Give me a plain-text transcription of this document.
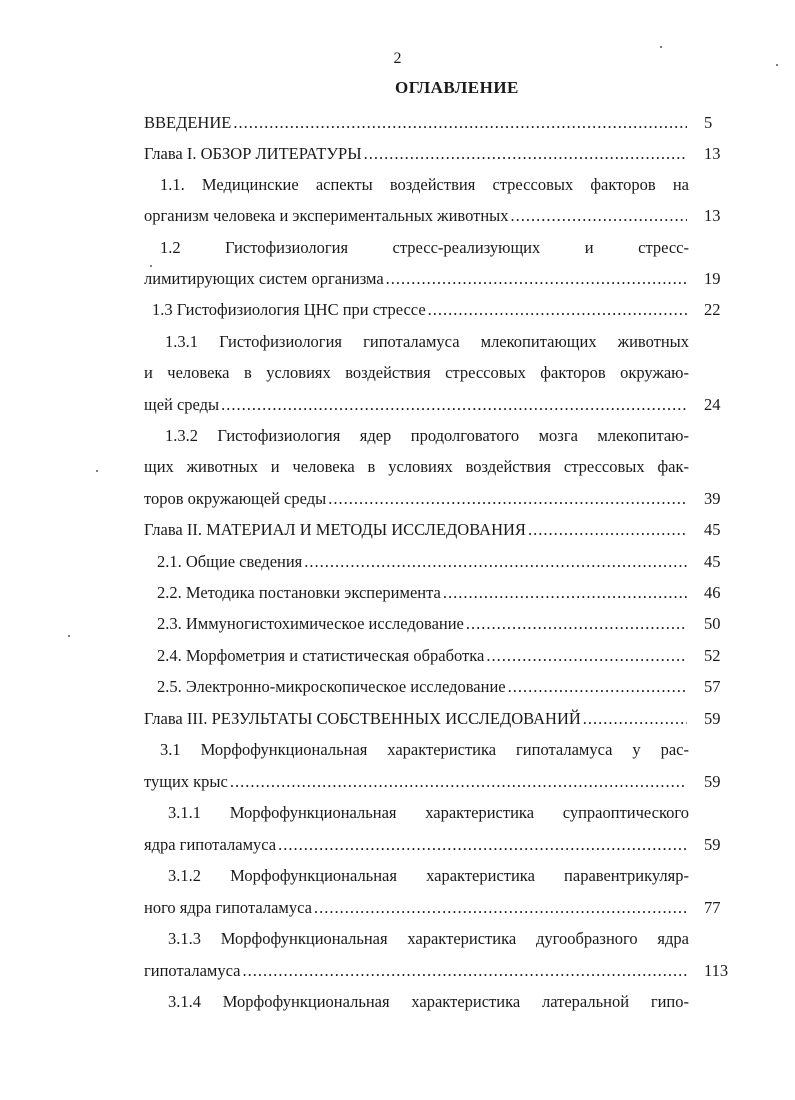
2
ОГЛАВЛЕНИЕ
ВВЕДЕНИЕ .....	5
Глава I. ОБЗОР ЛИТЕРАТУРЫ .....	13
1.1. Медицинские аспекты воздействия стрессовых факторов на
организм человека и экспериментальных животных .....	13
1.2 Гистофизиология стресс-реализующих и стресс-
лимитирующих систем организма .....	19
1.3 Гистофизиология ЦНС при стрессе .....	22
1.3.1 Гистофизиология гипоталамуса млекопитающих животных
и человека в условиях воздействия стрессовых факторов окружаю-
щей среды .....	24
1.3.2 Гистофизиология ядер продолговатого мозга млекопитаю-
щих животных и человека в условиях воздействия стрессовых фак-
торов окружающей среды .....	39
Глава II. МАТЕРИАЛ И МЕТОДЫ ИССЛЕДОВАНИЯ .....	45
2.1. Общие сведения .....	45
2.2. Методика постановки эксперимента .....	46
2.3. Иммуногистохимическое исследование .....	50
2.4. Морфометрия и статистическая обработка .....	52
2.5. Электронно-микроскопическое исследование .....	57
Глава III. РЕЗУЛЬТАТЫ СОБСТВЕННЫХ ИССЛЕДОВАНИЙ .....	59
3.1 Морфофункциональная характеристика гипоталамуса у рас-
тущих крыс .....	59
3.1.1 Морфофункциональная характеристика супраоптического
ядра гипоталамуса .....	59
3.1.2 Морфофункциональная характеристика паравентрикуляр-
ного ядра гипоталамуса .....	77
3.1.3 Морфофункциональная характеристика дугообразного ядра
гипоталамуса .....	113
3.1.4 Морфофункциональная характеристика латеральной гипо-
